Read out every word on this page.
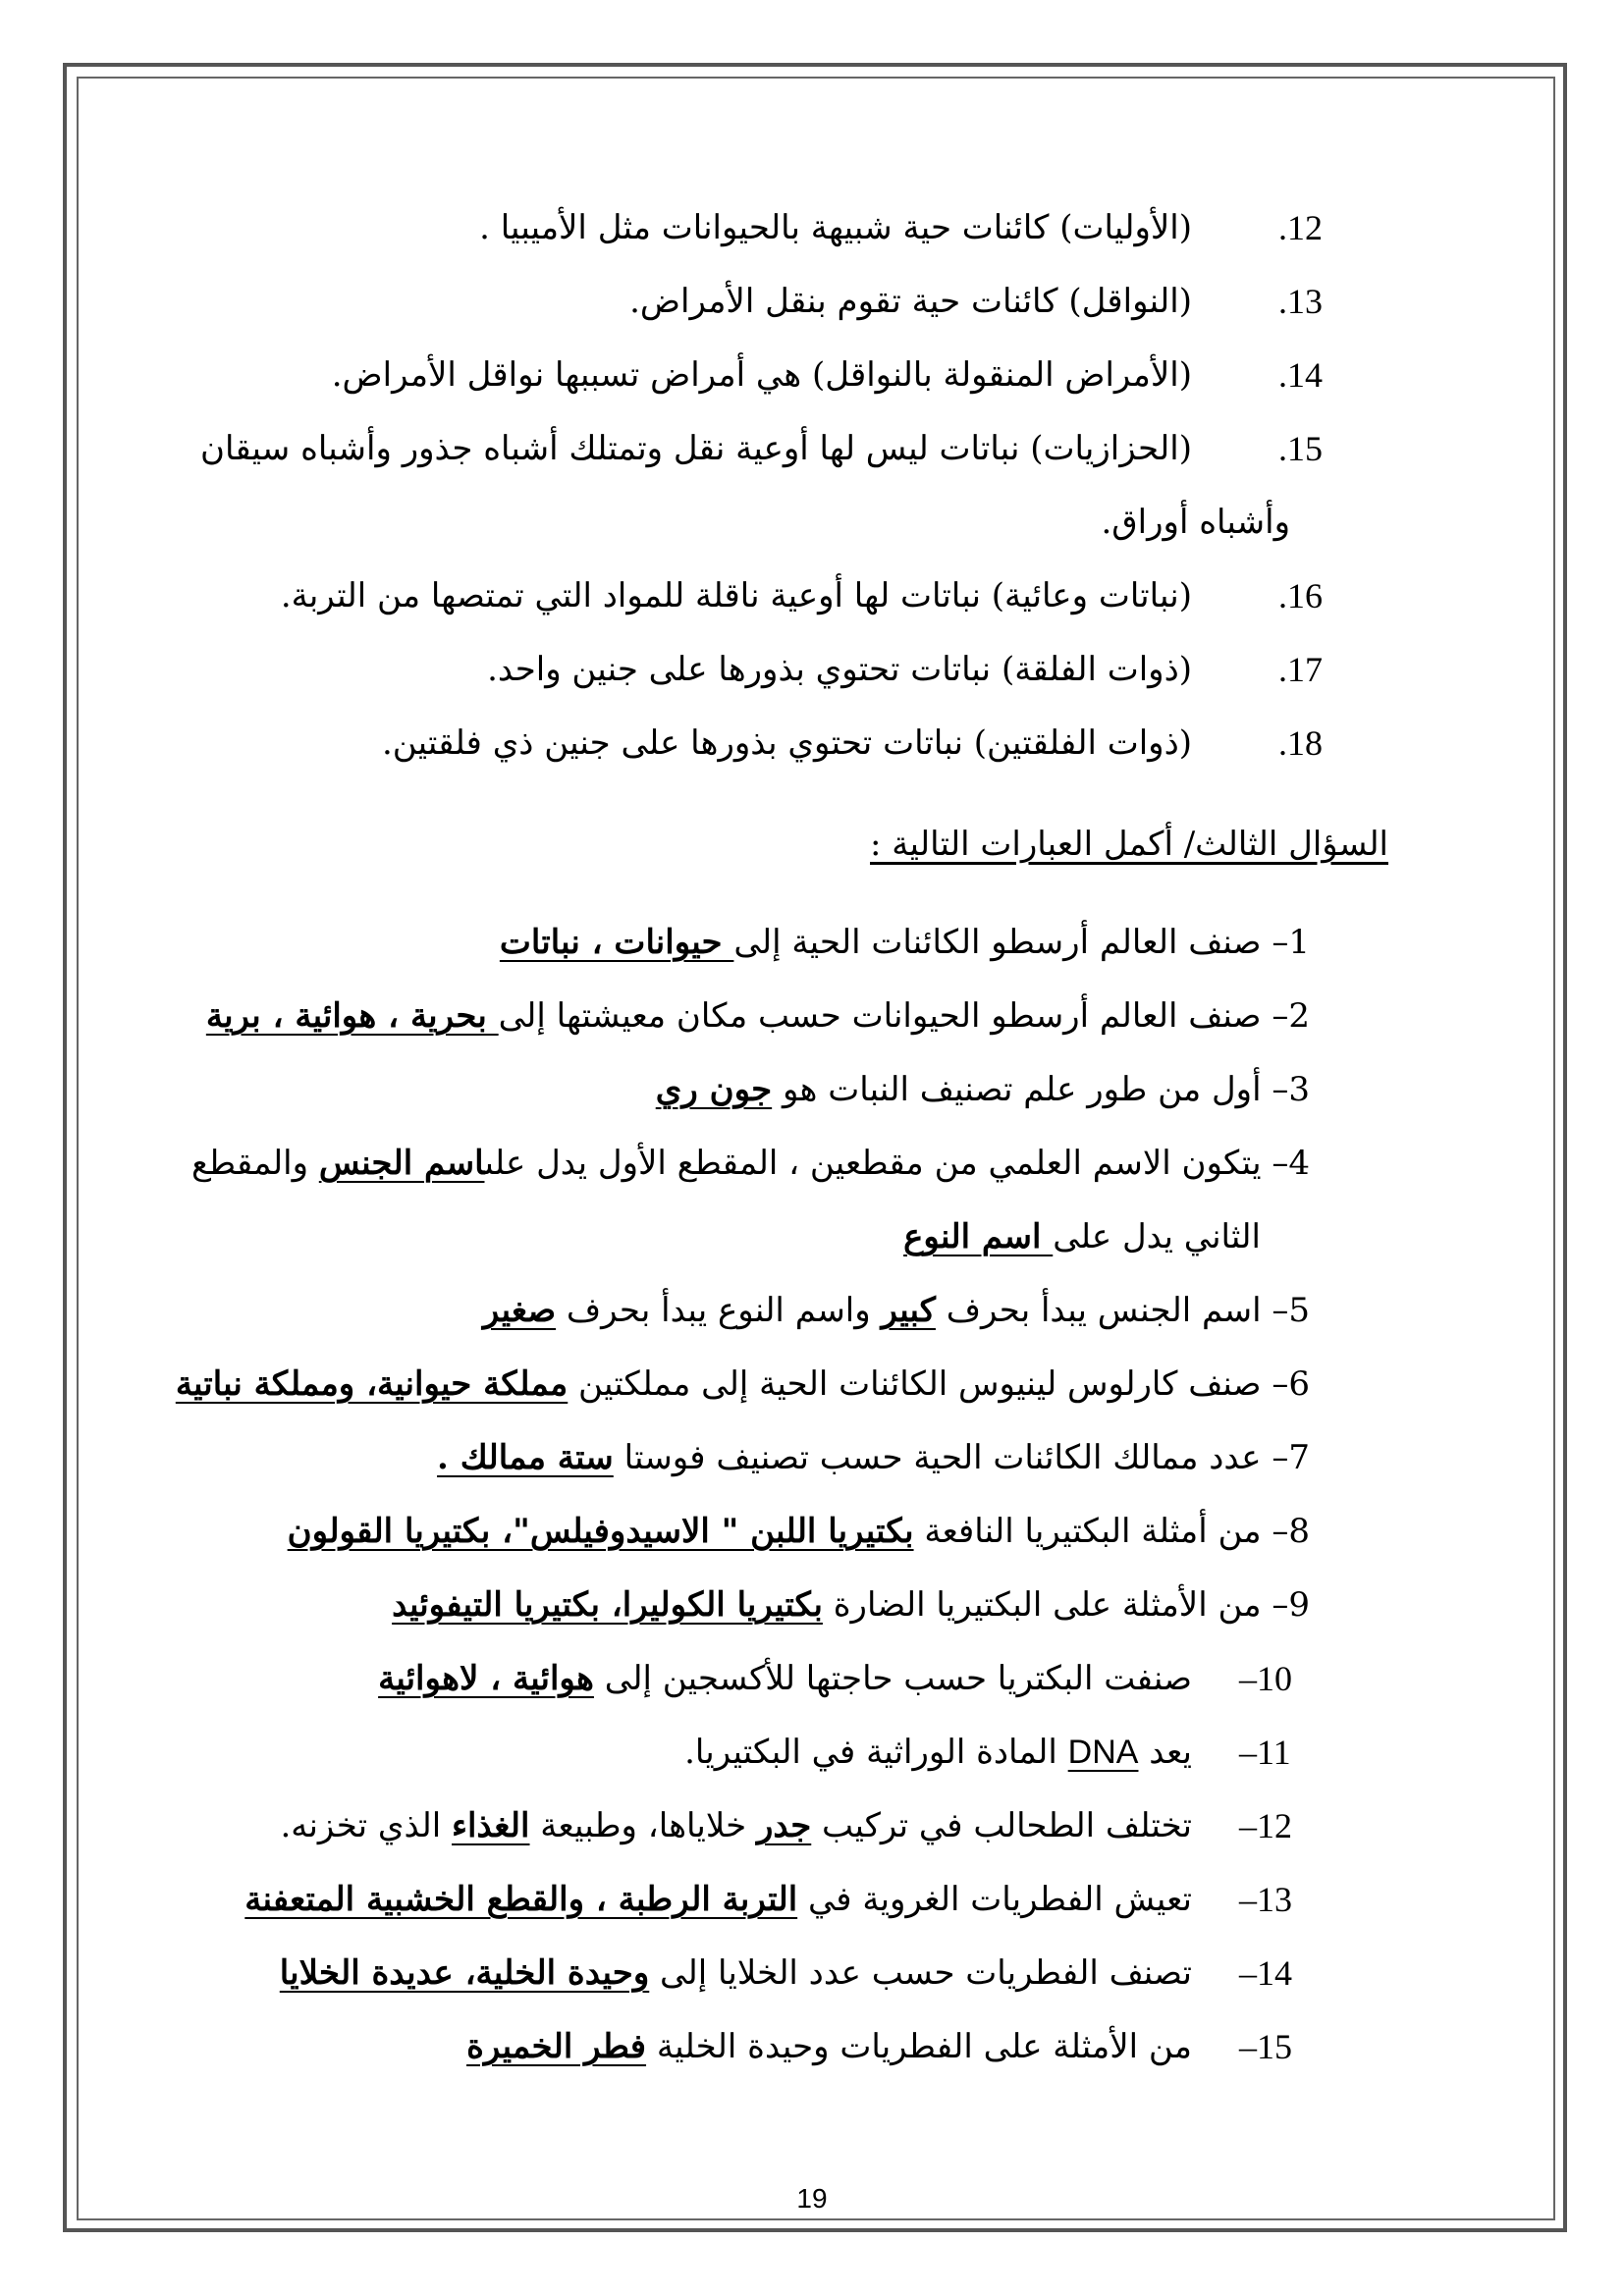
.12
(الأوليات) كائنات حية شبيهة بالحيوانات مثل الأميبيا .
.13
(النواقل) كائنات حية تقوم بنقل الأمراض.
.14
(الأمراض المنقولة بالنواقل) هي أمراض تسببها نواقل الأمراض.
.15
(الحزازيات) نباتات ليس لها أوعية نقل وتمتلك أشباه جذور وأشباه سيقان
وأشباه أوراق.
.16
(نباتات وعائية) نباتات لها أوعية ناقلة للمواد التي تمتصها من التربة.
.17
(ذوات الفلقة) نباتات تحتوي بذورها على جنين واحد.
.18
(ذوات الفلقتين) نباتات تحتوي بذورها على جنين ذي فلقتين.
السؤال الثالث/ أكمل العبارات التالية :
1– صنف العالم أرسطو الكائنات الحية إلى حيوانات ، نباتات
2– صنف العالم أرسطو الحيوانات حسب مكان معيشتها إلى بحرية ، هوائية ، برية
3– أول من طور علم تصنيف النبات هو جون ري
4– يتكون الاسم العلمي من مقطعين ، المقطع الأول يدل علىاسم الجنس والمقطع
الثاني يدل على اسم النوع
5– اسم الجنس يبدأ بحرف كبير واسم النوع يبدأ بحرف صغير
6– صنف كارلوس لينيوس الكائنات الحية إلى مملكتين مملكة حيوانية، ومملكة نباتية
7– عدد ممالك الكائنات الحية حسب تصنيف فوستا ستة ممالك .
8– من أمثلة البكتيريا النافعة بكتيريا اللبن " الاسيدوفيلس"، بكتيريا القولون
9– من الأمثلة على البكتيريا الضارة بكتيريا الكوليرا، بكتيريا التيفوئيد
–10
صنفت البكتريا حسب حاجتها للأكسجين إلى هوائية ، لاهوائية
–11
يعد DNA المادة الوراثية في البكتيريا.
–12
تختلف الطحالب في تركيب جدر خلاياها، وطبيعة الغذاء الذي تخزنه.
–13
تعيش الفطريات الغروية في التربة الرطبة ، والقطع الخشبية المتعفنة
–14
تصنف الفطريات حسب عدد الخلايا إلى وحيدة الخلية، عديدة الخلايا
–15
من الأمثلة على الفطريات وحيدة الخلية فطر الخميرة
19
